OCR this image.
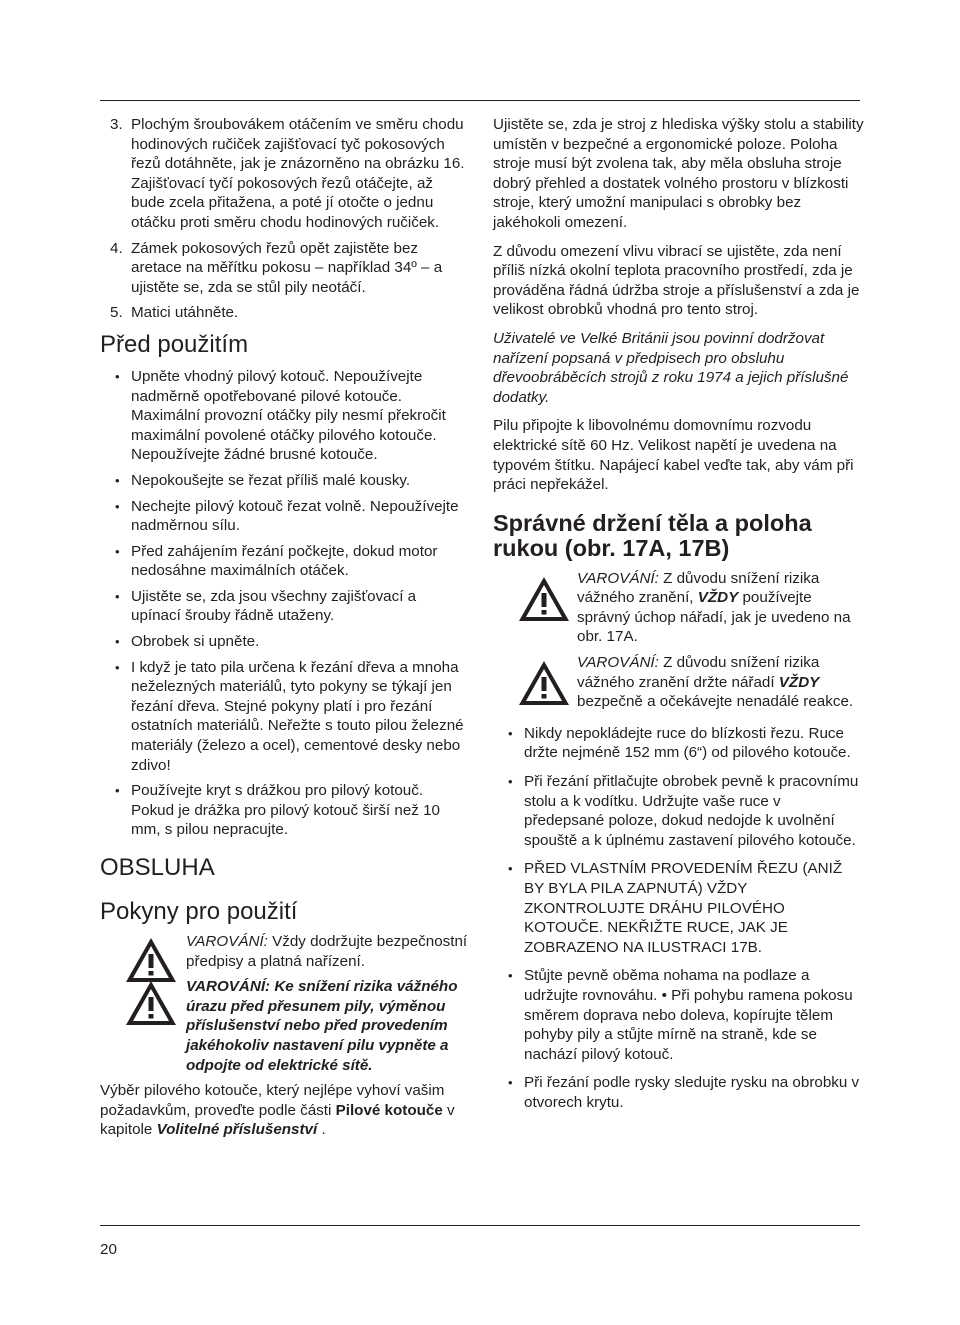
3. Plochým šroubovákem otáčením ve směru chodu hodinových ručiček zajišťovací tyč pokosových řezů dotáhněte, jak je znázorněno na obrázku 16. Zajišťovací tyčí pokosových řezů otáčejte, až bude zcela přitažena, a poté jí otočte o jednu otáčku proti směru chodu hodinových ručiček.
4. Zámek pokosových řezů opět zajistěte bez aretace na měřítku pokosu – například 34º – a ujistěte se, zda se stůl pily neotáčí.
5. Matici utáhněte.
Před použitím
• Upněte vhodný pilový kotouč. Nepoužívejte nadměrně opotřebované pilové kotouče. Maximální provozní otáčky pily nesmí překročit maximální povolené otáčky pilového kotouče. Nepoužívejte žádné brusné kotouče.
• Nepokoušejte se řezat příliš malé kousky.
• Nechejte pilový kotouč řezat volně. Nepoužívejte nadměrnou sílu.
• Před zahájením řezání počkejte, dokud motor nedosáhne maximálních otáček.
• Ujistěte se, zda jsou všechny zajišťovací a upínací šrouby řádně utaženy.
• Obrobek si upněte.
• I když je tato pila určena k řezání dřeva a mnoha neželezných materiálů, tyto pokyny se týkají jen řezání dřeva. Stejné pokyny platí i pro řezání ostatních materiálů. Neřežte s touto pilou železné materiály (železo a ocel), cementové desky nebo zdivo!
• Používejte kryt s drážkou pro pilový kotouč. Pokud je drážka pro pilový kotouč širší než 10 mm, s pilou nepracujte.
OBSLUHA
Pokyny pro použití

VAROVÁNÍ: Vždy dodržujte bezpečnostní předpisy a platná nařízení.

VAROVÁNÍ: Ke snížení rizika vážného úrazu před přesunem pily, výměnou příslušenství nebo před provedením jakéhokoliv nastavení pilu vypněte a odpojte od elektrické sítě.

Výběr pilového kotouče, který nejlépe vyhoví vašim požadavkům, proveďte podle části Pilové kotouče v kapitole Volitelné příslušenství .

Ujistěte se, zda je stroj z hlediska výšky stolu a stability umístěn v bezpečné a ergonomické poloze. Poloha stroje musí být zvolena tak, aby měla obsluha stroje dobrý přehled a dostatek volného prostoru v blízkosti stroje, který umožní manipulaci s obrobky bez jakéhokoli omezení.

Z důvodu omezení vlivu vibrací se ujistěte, zda není příliš nízká okolní teplota pracovního prostředí, zda je prováděna řádná údržba stroje a příslušenství a zda je velikost obrobků vhodná pro tento stroj.

Uživatelé ve Velké Británii jsou povinní dodržovat nařízení popsaná v předpisech pro obsluhu dřevoobráběcích strojů z roku 1974 a jejich příslušné dodatky.

Pilu připojte k libovolnému domovnímu rozvodu elektrické sítě 60 Hz. Velikost napětí je uvedena na typovém štítku. Napájecí kabel veďte tak, aby vám při práci nepřekážel.

Správné držení těla a poloha rukou (obr. 17A, 17B)

VAROVÁNÍ: Z důvodu snížení rizika vážného zranění, VŽDY používejte správný úchop nářadí, jak je uvedeno na obr. 17A.

VAROVÁNÍ: Z důvodu snížení rizika vážného zranění držte nářadí VŽDY bezpečně a očekávejte nenadálé reakce.

• Nikdy nepokládejte ruce do blízkosti řezu. Ruce držte nejméně 152 mm (6“) od pilového kotouče.
• Při řezání přitlačujte obrobek pevně k pracovnímu stolu a k vodítku. Udržujte vaše ruce v předepsané poloze, dokud nedojde k uvolnění spouště a k úplnému zastavení pilového kotouče.
• PŘED VLASTNÍM PROVEDENÍM ŘEZU (ANIŽ BY BYLA PILA ZAPNUTÁ) VŽDY ZKONTROLUJTE DRÁHU PILOVÉHO KOTOUČE. NEKŘIŽTE RUCE, JAK JE ZOBRAZENO NA ILUSTRACI 17B.
• Stůjte pevně oběma nohama na podlaze a udržujte rovnováhu. • Při pohybu ramena pokosu směrem doprava nebo doleva, kopírujte tělem pohyby pily a stůjte mírně na straně, kde se nachází pilový kotouč.
• Při řezání podle rysky sledujte rysku na obrobku v otvorech krytu.
20
